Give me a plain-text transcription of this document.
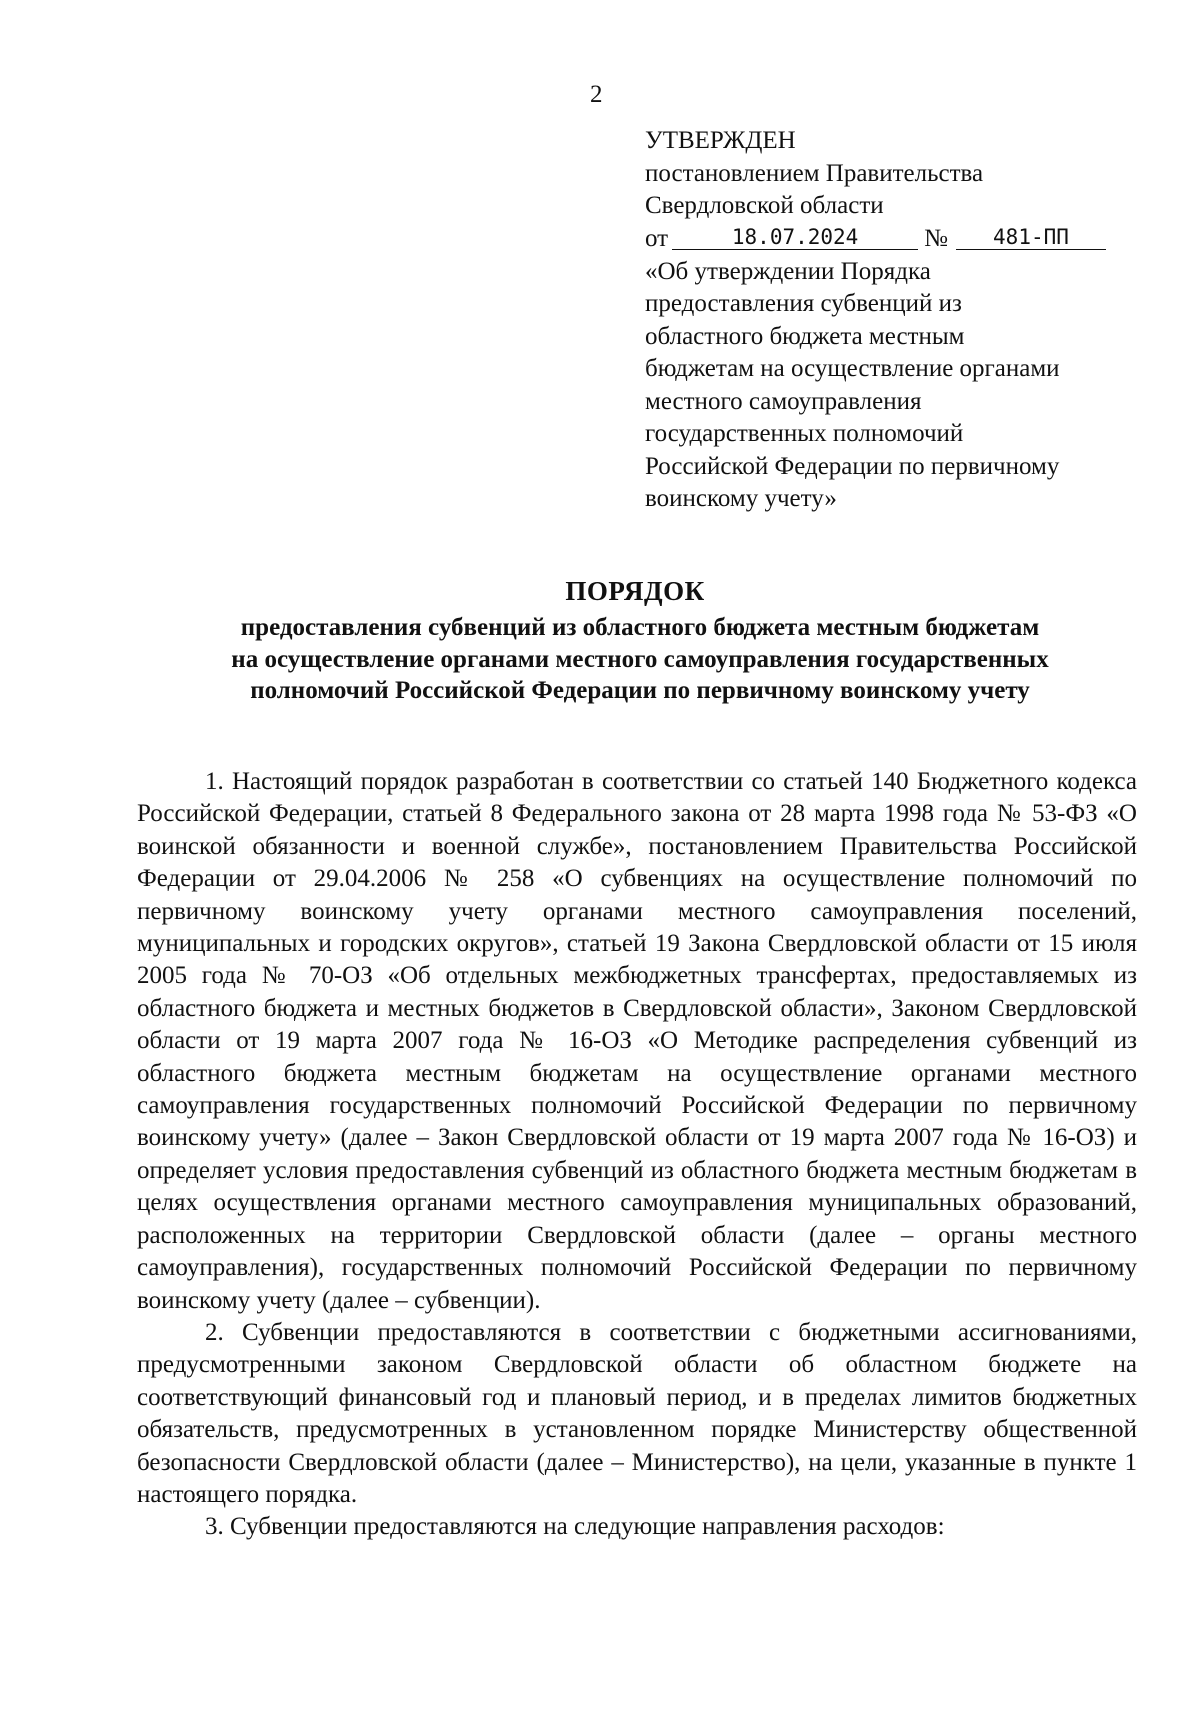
2
УТВЕРЖДЕН
постановлением Правительства
Свердловской области
от	18.07.2024	№	481-ПП
«Об утверждении Порядка
предоставления субвенций из
областного бюджета местным
бюджетам на осуществление органами
местного самоуправления
государственных полномочий
Российской Федерации по первичному
воинскому учету»
ПОРЯДОК
предоставления субвенций из областного бюджета местным бюджетам
на осуществление органами местного самоуправления государственных
полномочий Российской Федерации по первичному воинскому учету

1. Настоящий порядок разработан в соответствии со статьей 140 Бюджетного кодекса Российской Федерации, статьей 8 Федерального закона от 28 марта 1998 года № 53-ФЗ «О воинской обязанности и военной службе», постановлением Правительства Российской Федерации от 29.04.2006 № 258 «О субвенциях на осуществление полномочий по первичному воинскому учету органами местного самоуправления поселений, муниципальных и городских округов», статьей 19 Закона Свердловской области от 15 июля 2005 года № 70-ОЗ «Об отдельных межбюджетных трансфертах, предоставляемых из областного бюджета и местных бюджетов в Свердловской области», Законом Свердловской области от 19 марта 2007 года № 16-ОЗ «О Методике распределения субвенций из областного бюджета местным бюджетам на осуществление органами местного самоуправления государственных полномочий Российской Федерации по первичному воинскому учету» (далее – Закон Свердловской области от 19 марта 2007 года № 16-ОЗ) и определяет условия предоставления субвенций из областного бюджета местным бюджетам в целях осуществления органами местного самоуправления муниципальных образований, расположенных на территории Свердловской области (далее – органы местного самоуправления), государственных полномочий Российской Федерации по первичному воинскому учету (далее – субвенции).

2. Субвенции предоставляются в соответствии с бюджетными ассигнованиями, предусмотренными законом Свердловской области об областном бюджете на соответствующий финансовый год и плановый период, и в пределах лимитов бюджетных обязательств, предусмотренных в установленном порядке Министерству общественной безопасности Свердловской области (далее – Министерство), на цели, указанные в пункте 1 настоящего порядка.

3. Субвенции предоставляются на следующие направления расходов:
